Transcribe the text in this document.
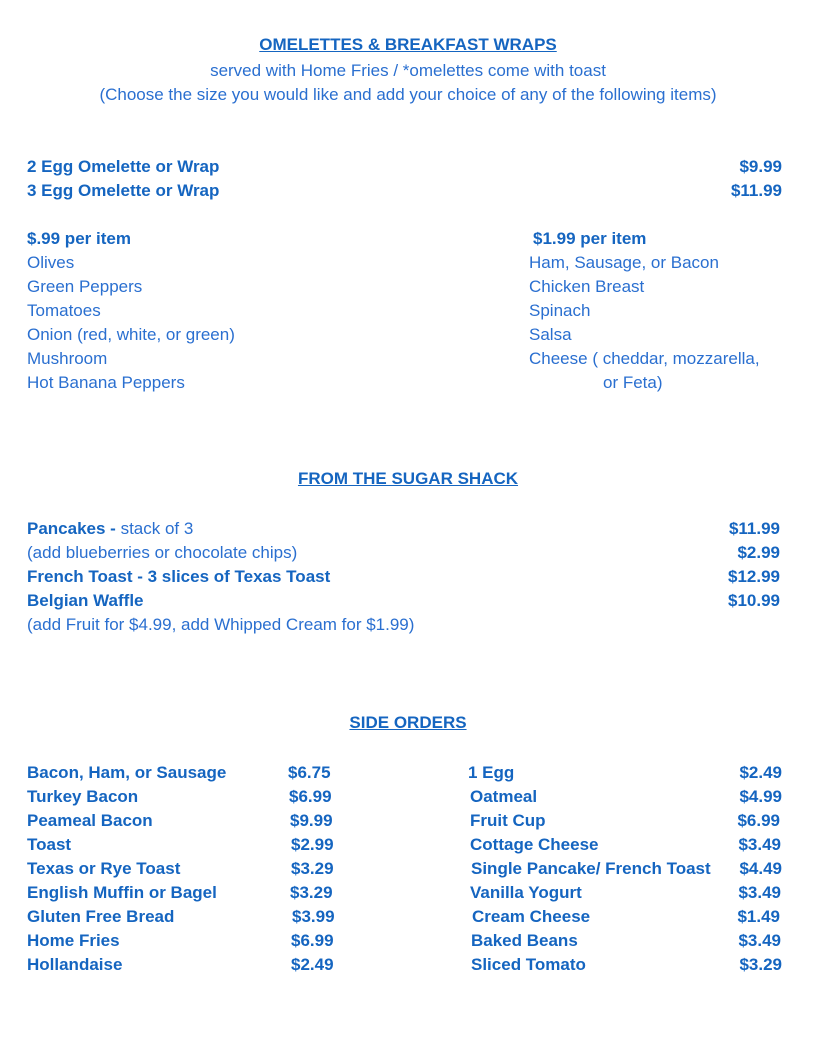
OMELETTES & BREAKFAST WRAPS
served with Home Fries / *omelettes come with toast
(Choose the size you would like and add your choice of any of the following items)
2 Egg Omelette or Wrap	$9.99
3 Egg Omelette or Wrap	$11.99
$.99 per item
Olives
Green Peppers
Tomatoes
Onion (red, white, or green)
Mushroom
Hot Banana Peppers
$1.99 per item
Ham, Sausage, or Bacon
Chicken Breast
Spinach
Salsa
Cheese ( cheddar, mozzarella,
or Feta)
FROM THE SUGAR SHACK
Pancakes - stack of 3	$11.99
(add blueberries or chocolate chips)	$2.99
French Toast - 3 slices of Texas Toast	$12.99
Belgian Waffle	$10.99
(add Fruit for $4.99, add Whipped Cream for $1.99)
SIDE ORDERS
Bacon, Ham, or Sausage	$6.75
Turkey Bacon	$6.99
Peameal Bacon	$9.99
Toast	$2.99
Texas or Rye Toast	$3.29
English Muffin or Bagel	$3.29
Gluten Free Bread	$3.99
Home Fries	$6.99
Hollandaise	$2.49
1 Egg	$2.49
Oatmeal	$4.99
Fruit Cup	$6.99
Cottage Cheese	$3.49
Single Pancake/ French Toast	$4.49
Vanilla Yogurt	$3.49
Cream Cheese	$1.49
Baked Beans	$3.49
Sliced Tomato	$3.29
